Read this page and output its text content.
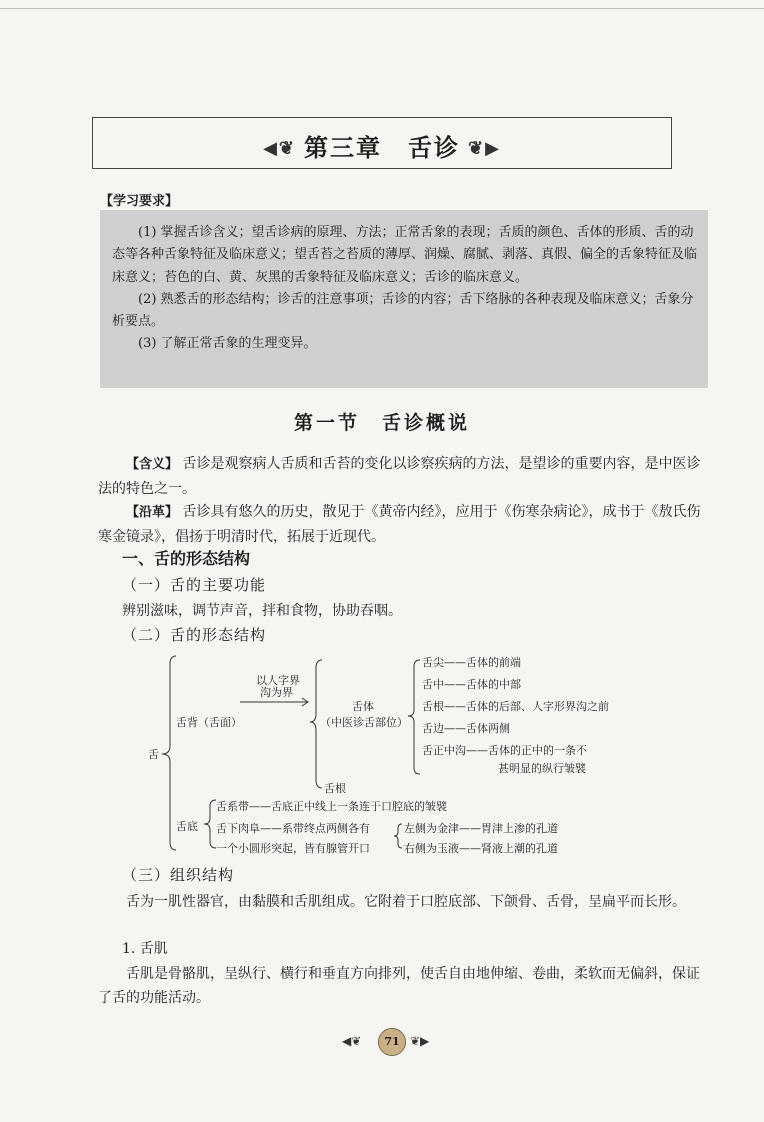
◀❦ 第三章　舌诊 ❦▶
【学习要求】

(1) 掌握舌诊含义；望舌诊病的原理、方法；正常舌象的表现；舌质的颜色、舌体的形质、舌的动态等各种舌象特征及临床意义；望舌苔之苔质的薄厚、润燥、腐腻、剥落、真假、偏全的舌象特征及临床意义；苔色的白、黄、灰黑的舌象特征及临床意义；舌诊的临床意义。

(2) 熟悉舌的形态结构；诊舌的注意事项；舌诊的内容；舌下络脉的各种表现及临床意义；舌象分析要点。

(3) 了解正常舌象的生理变异。

第一节　舌诊概说

【含义】 舌诊是观察病人舌质和舌苔的变化以诊察疾病的方法，是望诊的重要内容，是中医诊法的特色之一。

【沿革】 舌诊具有悠久的历史，散见于《黄帝内经》，应用于《伤寒杂病论》，成书于《敖氏伤寒金镜录》，倡扬于明清时代，拓展于近现代。

一、舌的形态结构
（一）舌的主要功能
辨别滋味，调节声音，拌和食物，协助吞咽。
（二）舌的形态结构
舌
舌背（舌面）
以人字界
沟为界
舌体
（中医诊舌部位）
舌根
舌尖——舌体的前端
舌中——舌体的中部
舌根——舌体的后部、人字形界沟之前
舌边——舌体两侧
舌正中沟——舌体的正中的一条不
甚明显的纵行皱襞
舌底
舌系带——舌底正中线上一条连于口腔底的皱襞
舌下肉阜——系带终点两侧各有
一个小圆形突起，皆有腺管开口
左侧为金津——胃津上渗的孔道
右侧为玉液——肾液上潮的孔道
（三）组织结构

舌为一肌性器官，由黏膜和舌肌组成。它附着于口腔底部、下颌骨、舌骨，呈扁平而长形。

1. 舌肌

舌肌是骨骼肌，呈纵行、横行和垂直方向排列，使舌自由地伸缩、卷曲，柔软而无偏斜，保证了舌的功能活动。

◀❦	71 ❦▶
